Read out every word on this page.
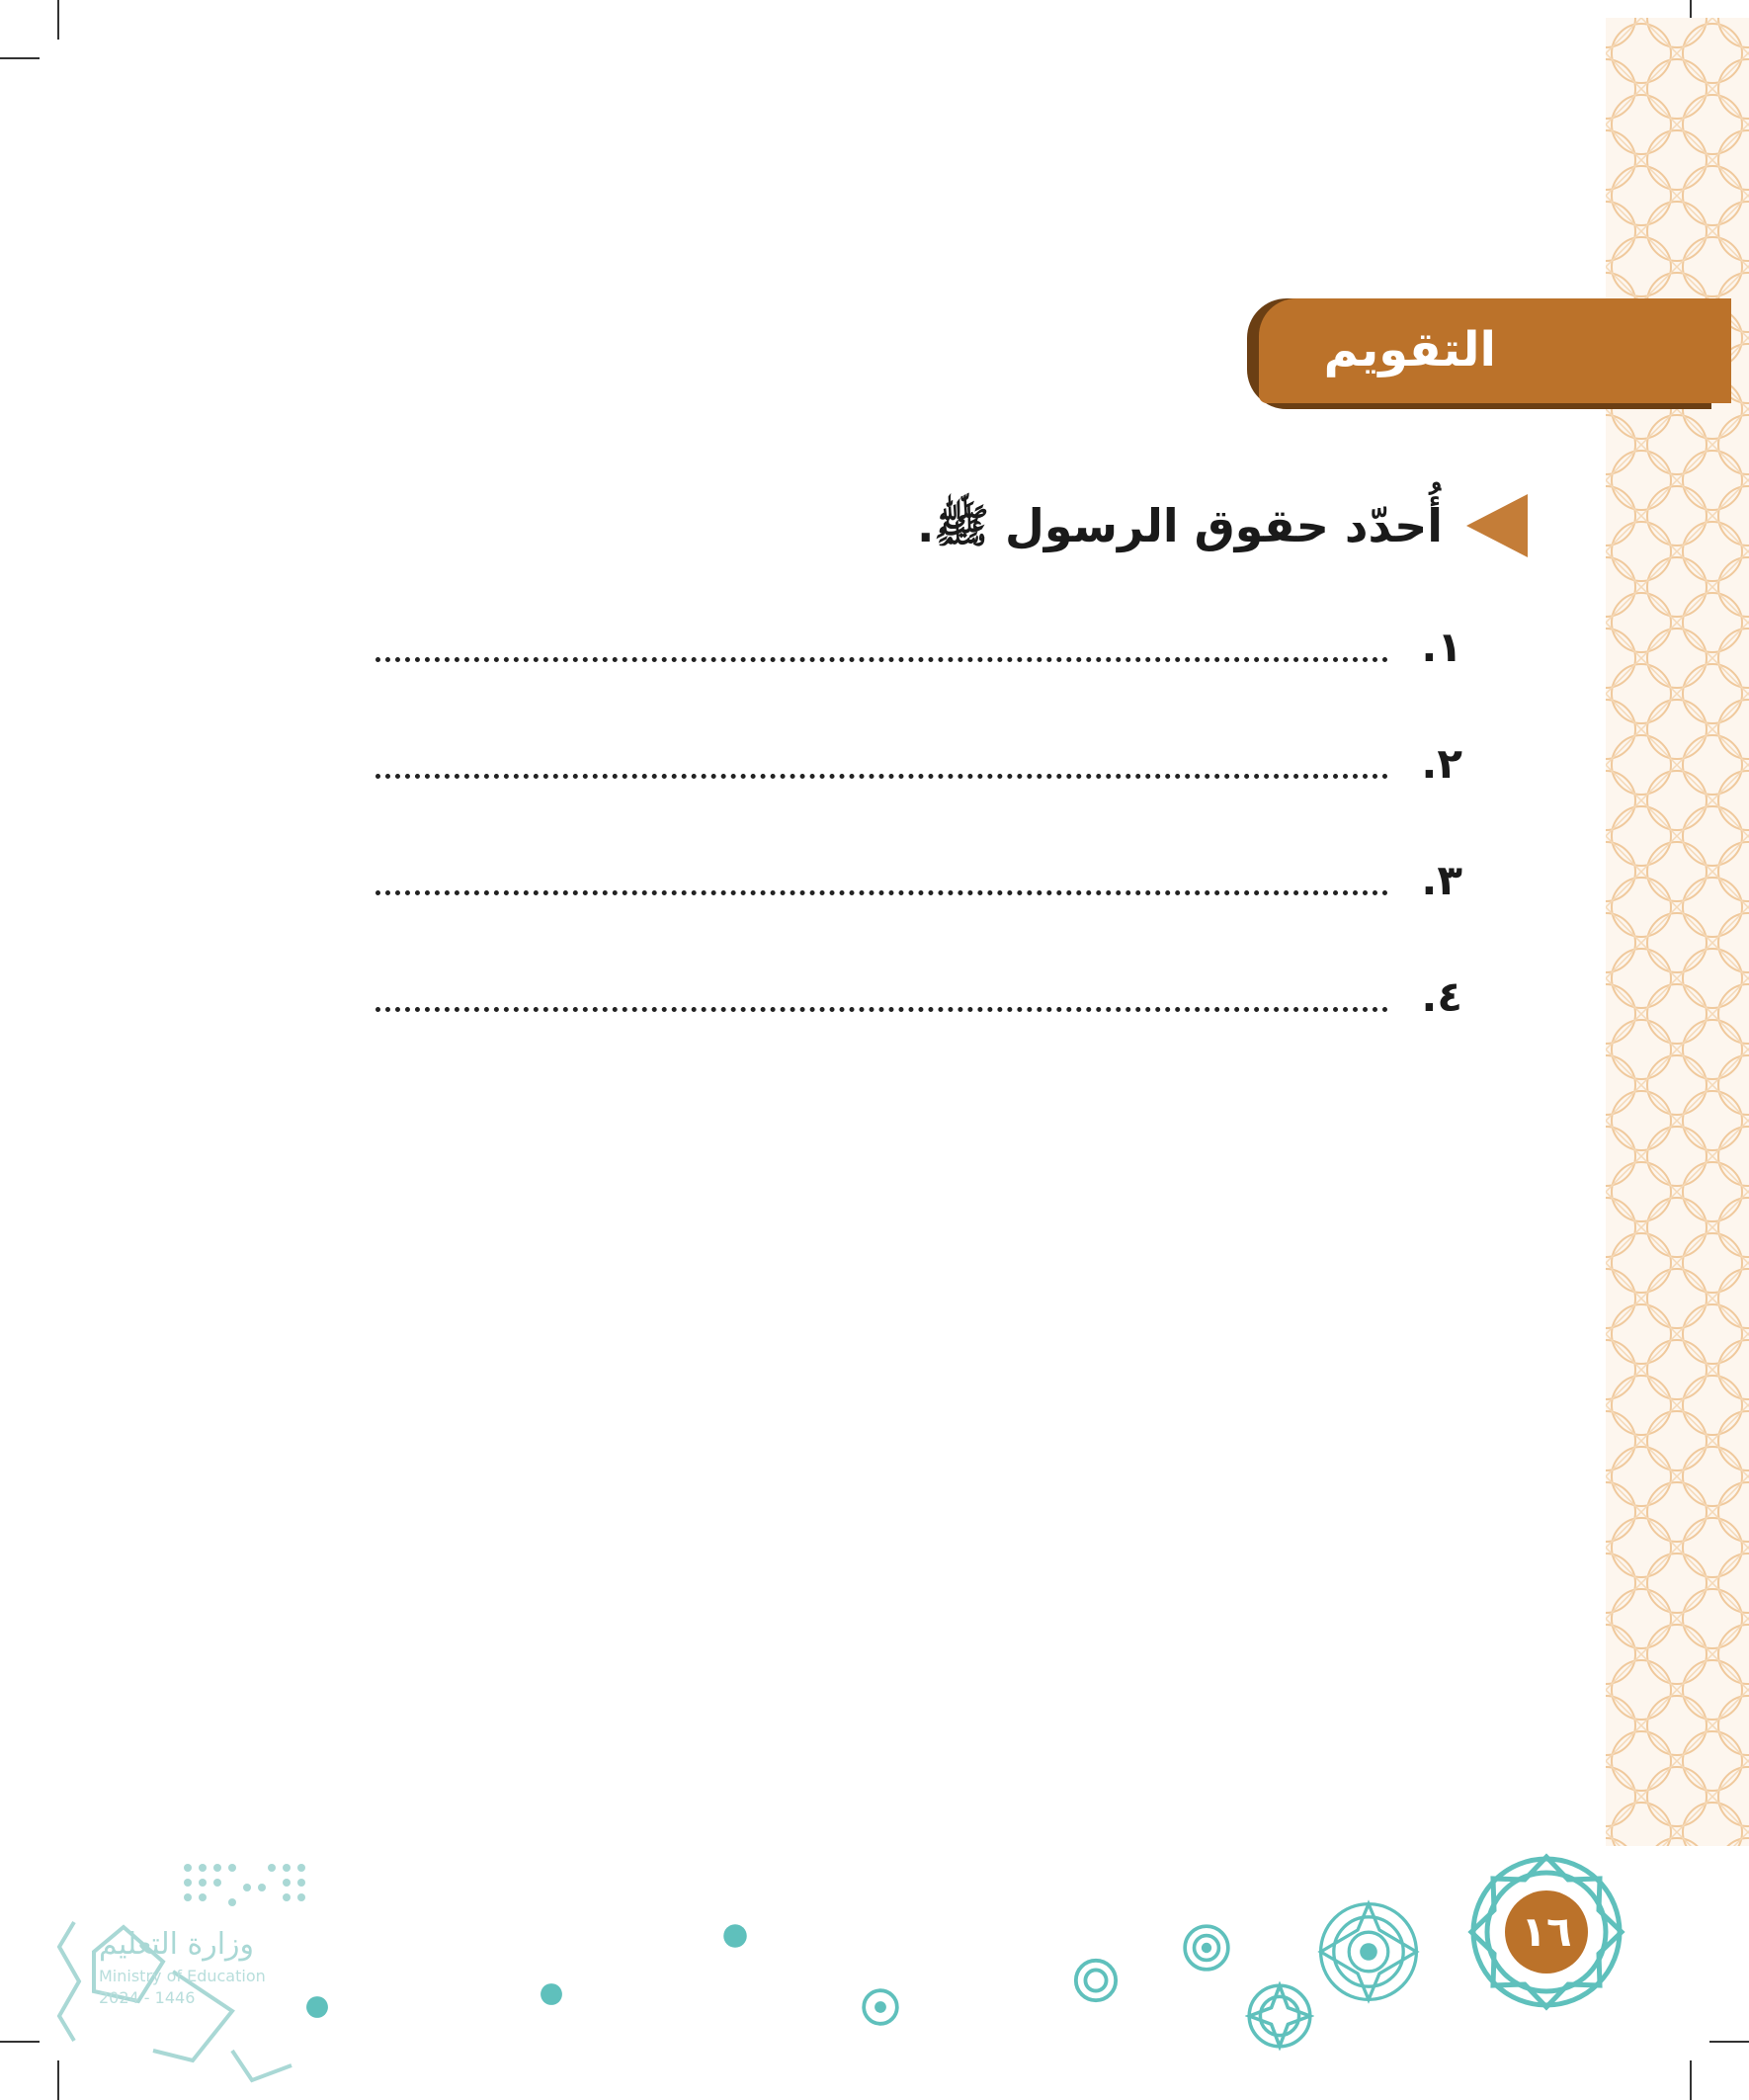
التقويم
أُحدّد حقوق الرسول ﷺ.
١.
٢.
٣.
٤.
١٦
وزارة التعليم
Ministry of Education
2024 - 1446
